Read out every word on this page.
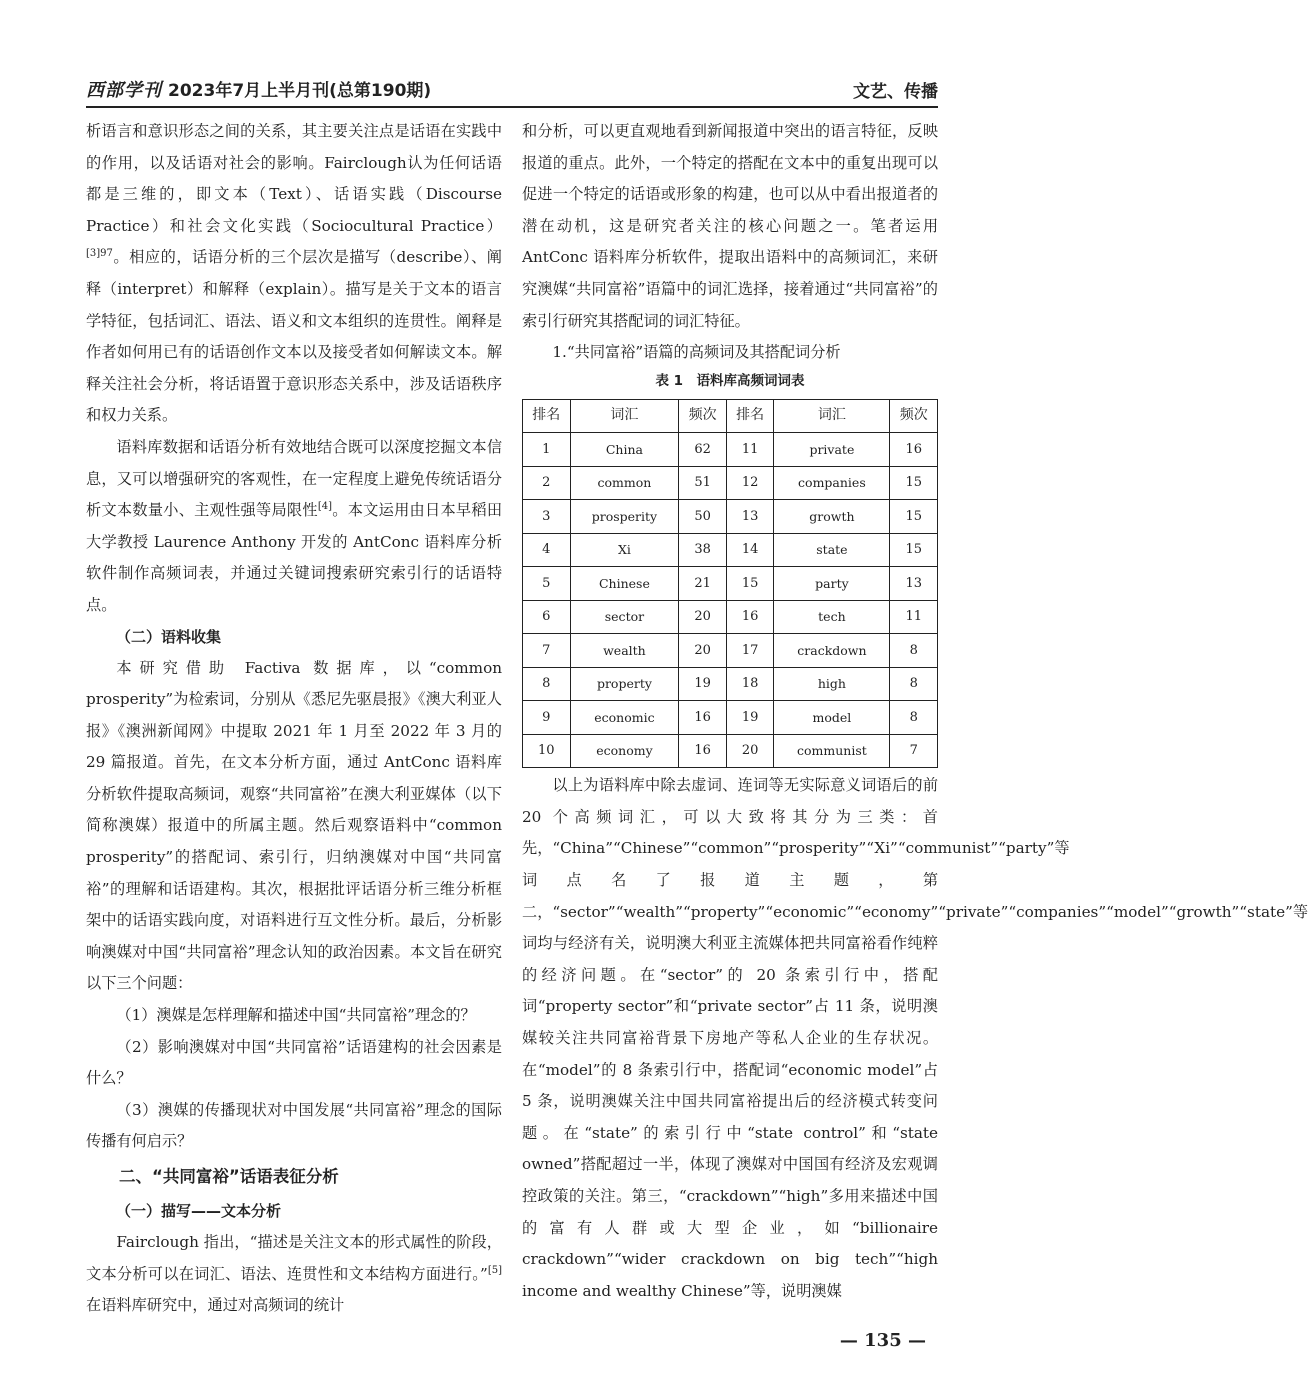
西部学刊 2023年7月上半月刊(总第190期)	文艺、传播

析语言和意识形态之间的关系，其主要关注点是话语在实践中的作用，以及话语对社会的影响。Fairclough认为任何话语都是三维的，即文本（Text）、话语实践（Discourse Practice）和社会文化实践（Sociocultural Practice）$^{[3]97}$。相应的，话语分析的三个层次是描写（describe）、阐释（interpret）和解释（explain）。描写是关于文本的语言学特征，包括词汇、语法、语义和文本组织的连贯性。阐释是作者如何用已有的话语创作文本以及接受者如何解读文本。解释关注社会分析，将话语置于意识形态关系中，涉及话语秩序和权力关系。

语料库数据和话语分析有效地结合既可以深度挖掘文本信息，又可以增强研究的客观性，在一定程度上避免传统话语分析文本数量小、主观性强等局限性[4]。本文运用由日本早稻田大学教授 Laurence Anthony 开发的 AntConc 语料库分析软件制作高频词表，并通过关键词搜索研究索引行的话语特点。

（二）语料收集

本研究借助 Factiva 数据库，以“common prosperity”为检索词，分别从《悉尼先驱晨报》《澳大利亚人报》《澳洲新闻网》中提取 2021 年 1 月至 2022 年 3 月的 29 篇报道。首先，在文本分析方面，通过 AntConc 语料库分析软件提取高频词，观察“共同富裕”在澳大利亚媒体（以下简称澳媒）报道中的所属主题。然后观察语料中“common prosperity”的搭配词、索引行，归纳澳媒对中国“共同富裕”的理解和话语建构。其次，根据批评话语分析三维分析框架中的话语实践向度，对语料进行互文性分析。最后，分析影响澳媒对中国“共同富裕”理念认知的政治因素。本文旨在研究以下三个问题：

（1）澳媒是怎样理解和描述中国“共同富裕”理念的？

（2）影响澳媒对中国“共同富裕”话语建构的社会因素是什么？

（3）澳媒的传播现状对中国发展“共同富裕”理念的国际传播有何启示？

二、“共同富裕”话语表征分析
（一）描写——文本分析

Fairclough 指出，“描述是关注文本的形式属性的阶段，文本分析可以在词汇、语法、连贯性和文本结构方面进行。”[5]在语料库研究中，通过对高频词的统计

和分析，可以更直观地看到新闻报道中突出的语言特征，反映报道的重点。此外，一个特定的搭配在文本中的重复出现可以促进一个特定的话语或形象的构建，也可以从中看出报道者的潜在动机，这是研究者关注的核心问题之一。笔者运用 AntConc 语料库分析软件，提取出语料中的高频词汇，来研究澳媒“共同富裕”语篇中的词汇选择，接着通过“共同富裕”的索引行研究其搭配词的词汇特征。

1.“共同富裕”语篇的高频词及其搭配词分析

表 1　语料库高频词词表
排名	词汇	频次	排名	词汇	频次
1	China	62	11	private	16
2	common	51	12	companies	15
3	prosperity	50	13	growth	15
4	Xi	38	14	state	15
5	Chinese	21	15	party	13
6	sector	20	16	tech	11
7	wealth	20	17	crackdown	8
8	property	19	18	high	8
9	economic	16	19	model	8
10	economy	16	20	communist	7

以上为语料库中除去虚词、连词等无实际意义词语后的前 20 个高频词汇，可以大致将其分为三类：首先，“China”“Chinese”“common”“prosperity”“Xi”“communist”“party”等词点名了报道主题，第二，“sector”“wealth”“property”“economic”“economy”“private”“companies”“model”“growth”“state”等词均与经济有关，说明澳大利亚主流媒体把共同富裕看作纯粹的经济问题。在“sector”的 20 条索引行中，搭配词“property sector”和“private sector”占 11 条，说明澳媒较关注共同富裕背景下房地产等私人企业的生存状况。在“model”的 8 条索引行中，搭配词“economic model”占 5 条，说明澳媒关注中国共同富裕提出后的经济模式转变问题。在“state”的索引行中“state control”和“state owned”搭配超过一半，体现了澳媒对中国国有经济及宏观调控政策的关注。第三，“crackdown”“high”多用来描述中国的富有人群或大型企业，如“billionaire crackdown”“wider crackdown on big tech”“high income and wealthy Chinese”等，说明澳媒

— 135 —
